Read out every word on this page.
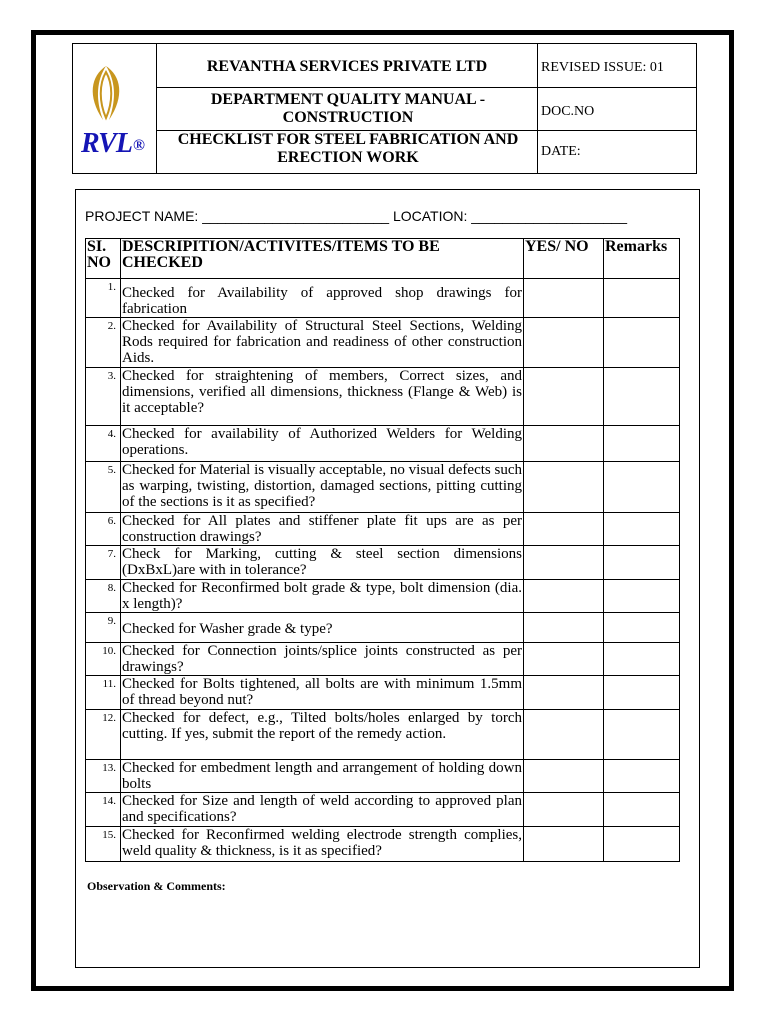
RVL®
REVANTHA SERVICES PRIVATE LTD
DEPARTMENT QUALITY MANUAL - CONSTRUCTION
CHECKLIST FOR STEEL FABRICATION AND ERECTION WORK
REVISED ISSUE: 01
DOC.NO
DATE:
PROJECT NAME: ________________________ LOCATION: ____________________
SI. NO	DESCRIPITION/ACTIVITES/ITEMS TO BE CHECKED	YES/ NO	Remarks
1.	Checked for Availability of approved shop drawings for fabrication		
2.	Checked for Availability of Structural Steel Sections, Welding Rods required for fabrication and readiness of other construction Aids.		
3.	Checked for straightening of members, Correct sizes, and dimensions, verified all dimensions, thickness (Flange & Web) is it acceptable?		
4.	Checked for availability of Authorized Welders for Welding operations.		
5.	Checked for Material is visually acceptable, no visual defects such as warping, twisting, distortion, damaged sections, pitting cutting of the sections is it as specified?		
6.	Checked for All plates and stiffener plate fit ups are as per construction drawings?		
7.	Check for Marking, cutting & steel section dimensions (DxBxL)are with in tolerance?		
8.	Checked for Reconfirmed bolt grade & type, bolt dimension (dia. x length)?		
9.	Checked for Washer grade & type?		
10.	Checked for Connection joints/splice joints constructed as per drawings?		
11.	Checked for Bolts tightened, all bolts are with minimum 1.5mm of thread beyond nut?		
12.	Checked for defect, e.g., Tilted bolts/holes enlarged by torch cutting. If yes, submit the report of the remedy action.		
13.	Checked for embedment length and arrangement of holding down bolts		
14.	Checked for Size and length of weld according to approved plan and specifications?		
15.	Checked for Reconfirmed welding electrode strength complies, weld quality & thickness, is it as specified?		
Observation & Comments:
